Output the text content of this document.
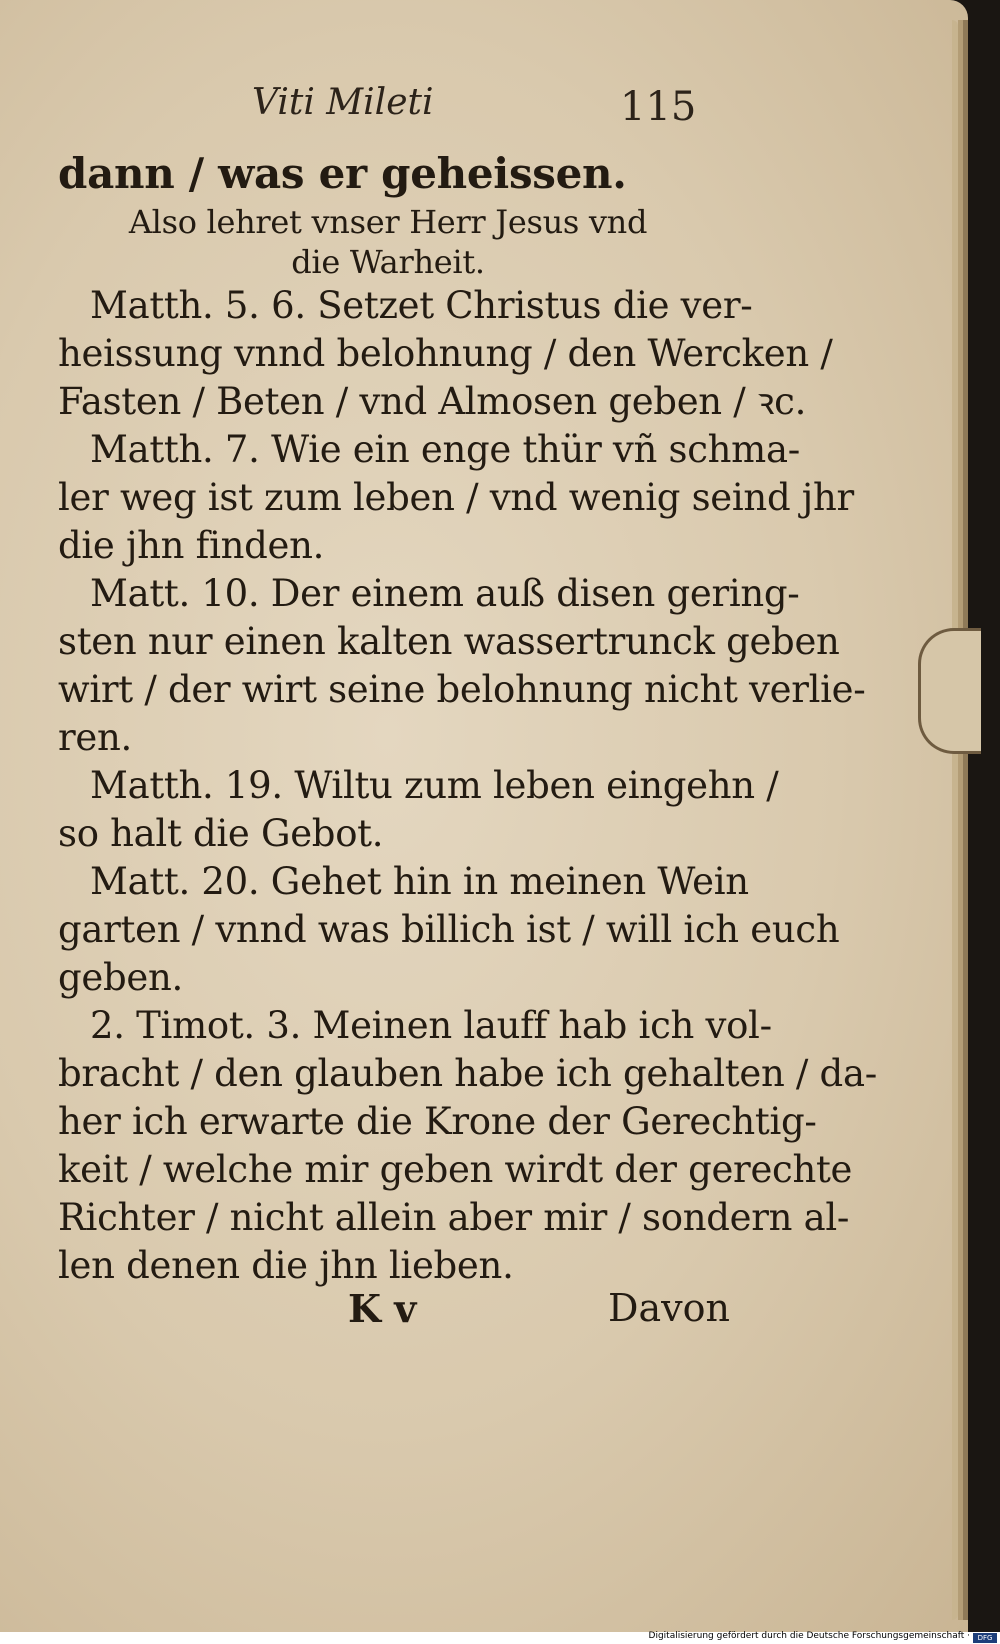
Viti Mileti	115
dann / was er geheissen.
Also lehret vnser Herr Jesus vnd
die Warheit.
Matth. 5. 6. Setzet Christus die ver-
heissung vnnd belohnung / den Wercken /
Fasten / Beten / vnd Almosen geben / ꝛc.
Matth. 7. Wie ein enge thür vñ schma-
ler weg ist zum leben / vnd wenig seind jhr
die jhn finden.
Matt. 10. Der einem auß disen gering-
sten nur einen kalten wassertrunck geben
wirt / der wirt seine belohnung nicht verlie-
ren.
Matth. 19. Wiltu zum leben eingehn /
so halt die Gebot.
Matt. 20. Gehet hin in meinen Wein
garten / vnnd was billich ist / will ich euch
geben.
2. Timot. 3. Meinen lauff hab ich vol-
bracht / den glauben habe ich gehalten / da-
her ich erwarte die Krone der Gerechtig-
keit / welche mir geben wirdt der gerechte
Richter / nicht allein aber mir / sondern al-
len denen die jhn lieben.
K v	Davon
Digitalisierung gefördert durch die Deutsche Forschungsgemeinschaft ·	DFG
